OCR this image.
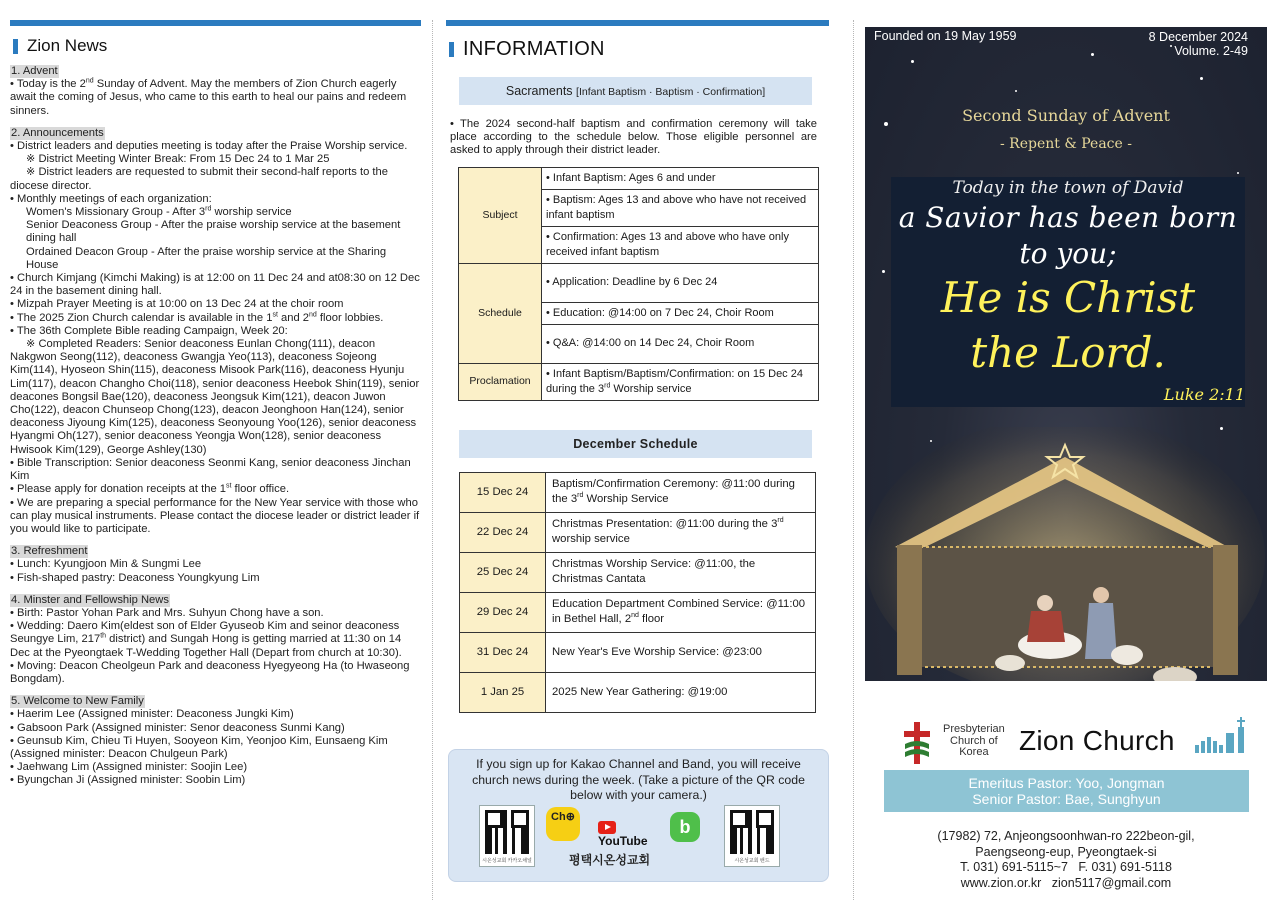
Zion News
1. Advent
• Today is the 2nd Sunday of Advent. May the members of Zion Church eagerly await the coming of Jesus, who came to this earth to heal our pains and redeem sinners.
2. Announcements
• District leaders and deputies meeting is today after the Praise Worship service.
※ District Meeting Winter Break: From 15 Dec 24 to 1 Mar 25
※ District leaders are requested to submit their second-half reports to the diocese director.
• Monthly meetings of each organization:
Women's Missionary Group - After 3rd worship service
Senior Deaconess Group - After the praise worship service at the basement dining hall
Ordained Deacon Group - After the praise worship service at the Sharing House
• Church Kimjang (Kimchi Making) is at 12:00 on 11 Dec 24 and at08:30 on 12 Dec 24 in the basement dining hall.
• Mizpah Prayer Meeting is at 10:00 on 13 Dec 24 at the choir room
• The 2025 Zion Church calendar is available in the 1st and 2nd floor lobbies.
• The 36th Complete Bible reading Campaign, Week 20:
※ Completed Readers: Senior deaconess Eunlan Chong(111), deacon Nakgwon Seong(112), deaconess Gwangja Yeo(113), deaconess Sojeong Kim(114), Hyoseon Shin(115), deaconess Misook Park(116), deaconess Hyunju Lim(117), deacon Changho Choi(118), senior deaconess Heebok Shin(119), senior deacones Bongsil Bae(120), deaconess Jeongsuk Kim(121), deacon Juwon Cho(122), deacon Chunseop Chong(123), deacon Jeonghoon Han(124), senior deaconess Jiyoung Kim(125), deaconess Seonyoung Yoo(126), senior deaconess Hyangmi Oh(127), senior deaconess Yeongja Won(128), senior deaconess Hwisook Kim(129), George Ashley(130)
• Bible Transcription: Senior deaconess Seonmi Kang, senior deaconess Jinchan Kim
• Please apply for donation receipts at the 1st floor office.
• We are preparing a special performance for the New Year service with those who can play musical instruments. Please contact the diocese leader or district leader if you would like to participate.
3. Refreshment
• Lunch: Kyungjoon Min & Sungmi Lee
• Fish-shaped pastry: Deaconess Youngkyung Lim
4. Minster and Fellowship News
• Birth: Pastor Yohan Park and Mrs. Suhyun Chong have a son.
• Wedding: Daero Kim(eldest son of Elder Gyuseob Kim and seinor deaconess Seungye Lim, 217th district) and Sungah Hong is getting married at 11:30 on 14 Dec at the Pyeongtaek T-Wedding Together Hall (Depart from church at 10:30).
• Moving: Deacon Cheolgeun Park and deaconess Hyegyeong Ha (to Hwaseong Bongdam).
5. Welcome to New Family
• Haerim Lee (Assigned minister: Deaconess Jungki Kim)
• Gabsoon Park (Assigned minister: Senor deaconess Sunmi Kang)
• Geunsub Kim, Chieu Ti Huyen, Sooyeon Kim, Yeonjoo Kim, Eunsaeng Kim (Assigned minister: Deacon Chulgeun Park)
• Jaehwang Lim (Assigned minister: Soojin Lee)
• Byungchan Ji (Assigned minister: Soobin Lim)
INFORMATION
Sacraments [Infant Baptism · Baptism · Confirmation]
• The 2024 second-half baptism and confirmation ceremony will take place according to the schedule below. Those eligible personnel are asked to apply through their district leader.
Subject	• Infant Baptism: Ages 6 and under
	• Baptism: Ages 13 and above who have not received infant baptism
	• Confirmation: Ages 13 and above who have only received infant baptism
Schedule	• Application: Deadline by 6 Dec 24
	• Education: @14:00 on 7 Dec 24, Choir Room
	• Q&A: @14:00 on 14 Dec 24, Choir Room
Proclamation	• Infant Baptism/Baptism/Confirmation: on 15 Dec 24 during the 3rd Worship service
December Schedule
15 Dec 24	Baptism/Confirmation Ceremony: @11:00 during the 3rd Worship Service
22 Dec 24	Christmas Presentation: @11:00 during the 3rd worship service
25 Dec 24	Christmas Worship Service: @11:00, the Christmas Cantata
29 Dec 24	Education Department Combined Service: @11:00 in Bethel Hall, 2nd floor
31 Dec 24	New Year's Eve Worship Service: @23:00
1 Jan 25	2025 New Year Gathering: @19:00
If you sign up for Kakao Channel and Band, you will receive church news during the week. (Take a picture of the QR code below with your camera.)
시온성교회 카카오채널
Ch⊕
YouTube
b
시온성교회 밴드
평택시온성교회
Founded on 19 May 1959	8 December 2024
Volume. 2-49
Second Sunday of Advent
- Repent & Peace -
Today in the town of David
a Savior has been born
to you;
He is Christ
the Lord.
Luke 2:11
Presbyterian
Church of
Korea	Zion Church
Emeritus Pastor: Yoo, Jongman
Senior Pastor: Bae, Sunghyun
(17982) 72, Anjeongsoonhwan-ro 222beon-gil,
Paengseong-eup, Pyeongtaek-si
T. 031) 691-5115~7 F. 031) 691-5118
www.zion.or.kr zion5117@gmail.com
